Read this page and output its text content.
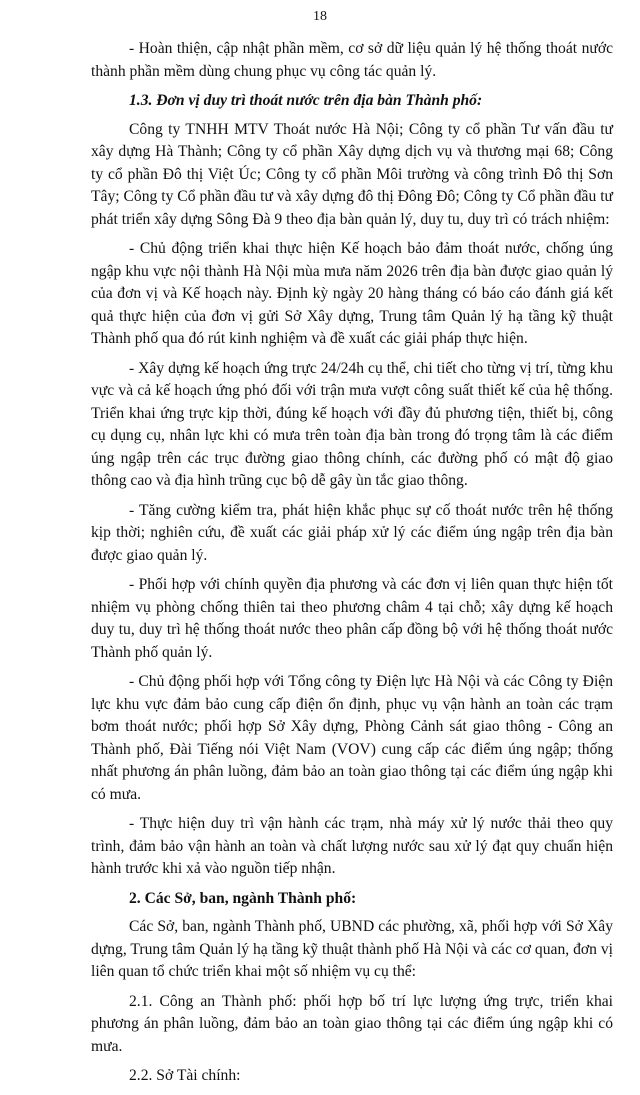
18

- Hoàn thiện, cập nhật phần mềm, cơ sở dữ liệu quản lý hệ thống thoát nước thành phần mềm dùng chung phục vụ công tác quản lý.

1.3. Đơn vị duy trì thoát nước trên địa bàn Thành phố:

Công ty TNHH MTV Thoát nước Hà Nội; Công ty cổ phần Tư vấn đầu tư xây dựng Hà Thành; Công ty cổ phần Xây dựng dịch vụ và thương mại 68; Công ty cổ phần Đô thị Việt Úc; Công ty cổ phần Môi trường và công trình Đô thị Sơn Tây; Công ty Cổ phần đầu tư và xây dựng đô thị Đông Đô; Công ty Cổ phần đầu tư phát triển xây dựng Sông Đà 9 theo địa bàn quản lý, duy tu, duy trì có trách nhiệm:

- Chủ động triển khai thực hiện Kế hoạch bảo đảm thoát nước, chống úng ngập khu vực nội thành Hà Nội mùa mưa năm 2026 trên địa bàn được giao quản lý của đơn vị và Kế hoạch này. Định kỳ ngày 20 hàng tháng có báo cáo đánh giá kết quả thực hiện của đơn vị gửi Sở Xây dựng, Trung tâm Quản lý hạ tầng kỹ thuật Thành phố qua đó rút kinh nghiệm và đề xuất các giải pháp thực hiện.

- Xây dựng kế hoạch ứng trực 24/24h cụ thể, chi tiết cho từng vị trí, từng khu vực và cả kế hoạch ứng phó đối với trận mưa vượt công suất thiết kế của hệ thống. Triển khai ứng trực kịp thời, đúng kế hoạch với đầy đủ phương tiện, thiết bị, công cụ dụng cụ, nhân lực khi có mưa trên toàn địa bàn trong đó trọng tâm là các điểm úng ngập trên các trục đường giao thông chính, các đường phố có mật độ giao thông cao và địa hình trũng cục bộ dễ gây ùn tắc giao thông.

- Tăng cường kiểm tra, phát hiện khắc phục sự cố thoát nước trên hệ thống kịp thời; nghiên cứu, đề xuất các giải pháp xử lý các điểm úng ngập trên địa bàn được giao quản lý.

- Phối hợp với chính quyền địa phương và các đơn vị liên quan thực hiện tốt nhiệm vụ phòng chống thiên tai theo phương châm 4 tại chỗ; xây dựng kế hoạch duy tu, duy trì hệ thống thoát nước theo phân cấp đồng bộ với hệ thống thoát nước Thành phố quản lý.

- Chủ động phối hợp với Tổng công ty Điện lực Hà Nội và các Công ty Điện lực khu vực đảm bảo cung cấp điện ổn định, phục vụ vận hành an toàn các trạm bơm thoát nước; phối hợp Sở Xây dựng, Phòng Cảnh sát giao thông - Công an Thành phố, Đài Tiếng nói Việt Nam (VOV) cung cấp các điểm úng ngập; thống nhất phương án phân luồng, đảm bảo an toàn giao thông tại các điểm úng ngập khi có mưa.

- Thực hiện duy trì vận hành các trạm, nhà máy xử lý nước thải theo quy trình, đảm bảo vận hành an toàn và chất lượng nước sau xử lý đạt quy chuẩn hiện hành trước khi xả vào nguồn tiếp nhận.

2. Các Sở, ban, ngành Thành phố:

Các Sở, ban, ngành Thành phố, UBND các phường, xã, phối hợp với Sở Xây dựng, Trung tâm Quản lý hạ tầng kỹ thuật thành phố Hà Nội và các cơ quan, đơn vị liên quan tổ chức triển khai một số nhiệm vụ cụ thể:

2.1. Công an Thành phố: phối hợp bố trí lực lượng ứng trực, triển khai phương án phân luồng, đảm bảo an toàn giao thông tại các điểm úng ngập khi có mưa.

2.2. Sở Tài chính:
